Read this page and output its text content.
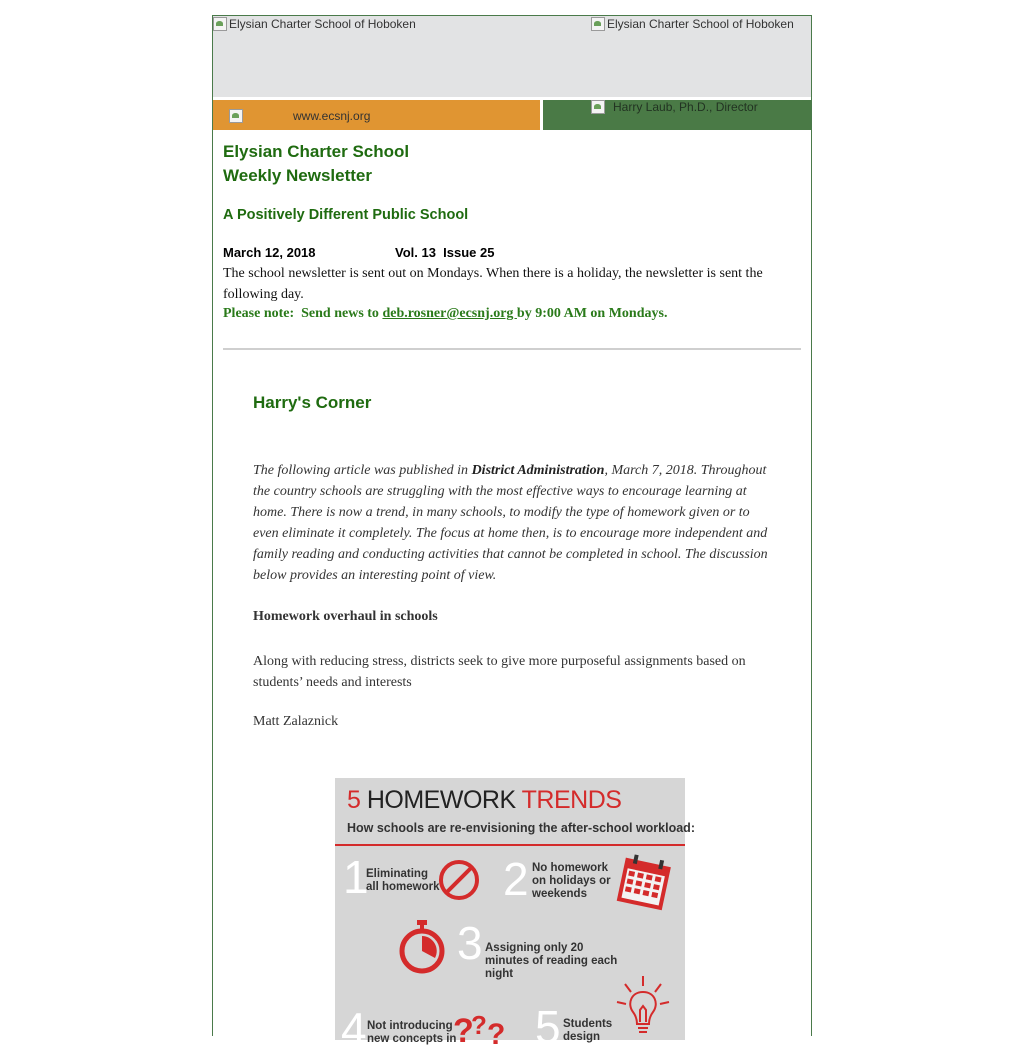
Elysian Charter School of Hoboken	Elysian Charter School of Hoboken
www.ecsnj.org
Harry Laub, Ph.D., Director
Elysian Charter School
Weekly Newsletter
A Positively Different Public School
March 12, 2018	Vol. 13  Issue 25
The school newsletter is sent out on Mondays. When there is a holiday, the newsletter is sent the following day.
Please note:  Send news to deb.rosner@ecsnj.org by 9:00 AM on Mondays.
Harry's Corner
The following article was published in District Administration, March 7, 2018. Throughout the country schools are struggling with the most effective ways to encourage learning at home. There is now a trend, in many schools, to modify the type of homework given or to even eliminate it completely. The focus at home then, is to encourage more independent and family reading and conducting activities that cannot be completed in school. The discussion below provides an interesting point of view.
Homework overhaul in schools
Along with reducing stress, districts seek to give more purposeful assignments based on students’ needs and interests
Matt Zalaznick
5 HOMEWORK TRENDS
How schools are re-envisioning the after-school workload:
1
Eliminating all homework 2 No homework on holidays or weekends
3 Assigning only 20 minutes of reading each night
4 Not introducing new concepts in
?
? ? 5 Students design
